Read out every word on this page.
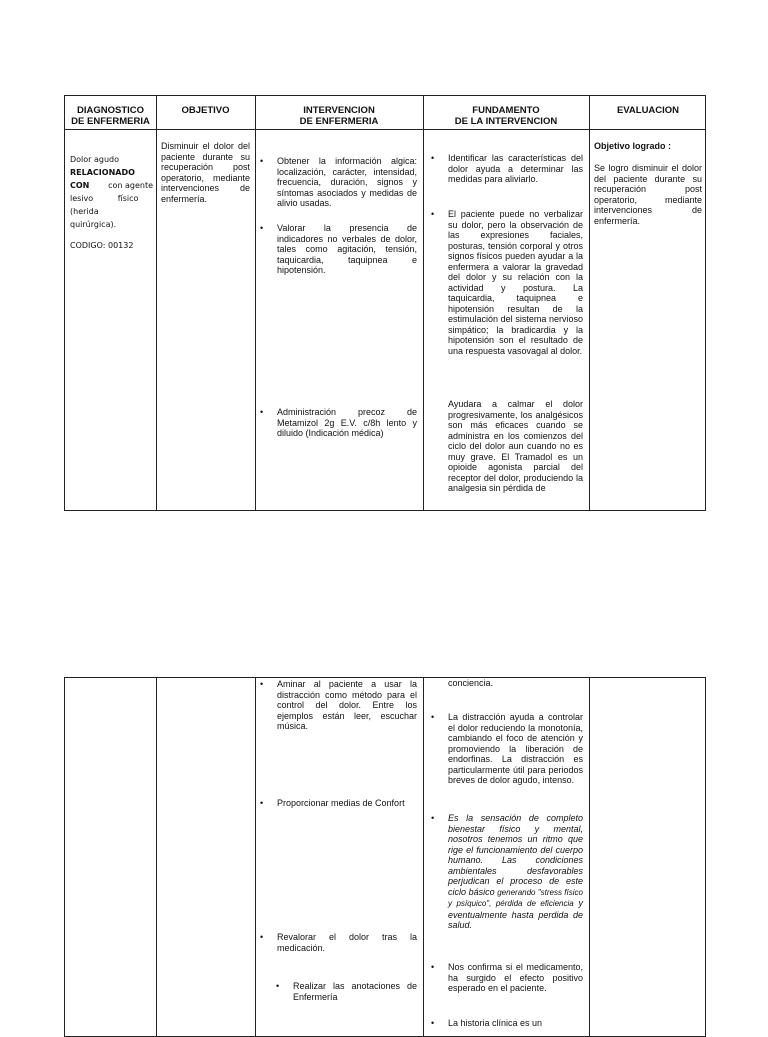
DIAGNOSTICO
DE ENFERMERIA
OBJETIVO	INTERVENCION
DE ENFERMERIA
FUNDAMENTO
DE LA INTERVENCION
EVALUACION
Dolor agudo
RELACIONADO
CON con agente
lesivo físico
(herida
quirúrgica).
CODIGO: 00132
Disminuir el dolor del paciente durante su recuperación post operatorio, mediante intervenciones de enfermería.
• Obtener la información algica: localización, carácter, intensidad, frecuencia, duración, signos y síntomas asociados y medidas de alivio usadas.
• Valorar la presencia de indicadores no verbales de dolor, tales como agitación, tensión, taquicardia, taquipnea e hipotensión.
• Administración precoz de Metamizol 2g E.V. c/8h lento y diluido (Indicación médica)
• Identificar las características del dolor ayuda a determinar las medidas para aliviarlo.
• El paciente puede no verbalizar su dolor, pero la observación de las expresiones faciales, posturas, tensión corporal y otros signos físicos pueden ayudar a la enfermera a valorar la gravedad del dolor y su relación con la actividad y postura. La taquicardia, taquipnea e hipotensión resultan de la estimulación del sistema nervioso simpático; la bradicardia y la hipotensión son el resultado de una respuesta vasovagal al dolor.
• Ayudara a calmar el dolor progresivamente, los analgésicos son más eficaces cuando se administra en los comienzos del ciclo del dolor aun cuando no es muy grave. El Tramadol es un opioide agonista parcial del receptor del dolor, produciendo la analgesia sin pérdida de
Objetivo logrado :
Se logro disminuir el dolor del paciente durante su recuperación post operatorio, mediante intervenciones de enfermería.
• Aminar al paciente a usar la distracción como método para el control del dolor. Entre los ejemplos están leer, escuchar música.
• Proporcionar medias de Confort
• Revalorar el dolor tras la medicación.
• Realizar las anotaciones de Enfermería
conciencia.
• La distracción ayuda a controlar el dolor reduciendo la monotonía, cambiando el foco de atención y promoviendo la liberación de endorfinas. La distracción es particularmente útil para periodos breves de dolor agudo, intenso.
• Es la sensación de completo bienestar físico y mental, nosotros tenemos un ritmo que rige el funcionamiento del cuerpo humano. Las condiciones ambientales desfavorables perjudican el proceso de este ciclo básico generando "stress físico y psíquico", pérdida de eficiencia y eventualmente hasta perdida de salud.
• Nos confirma si el medicamento, ha surgido el efecto positivo esperado en el paciente.
• La historia clínica es un
